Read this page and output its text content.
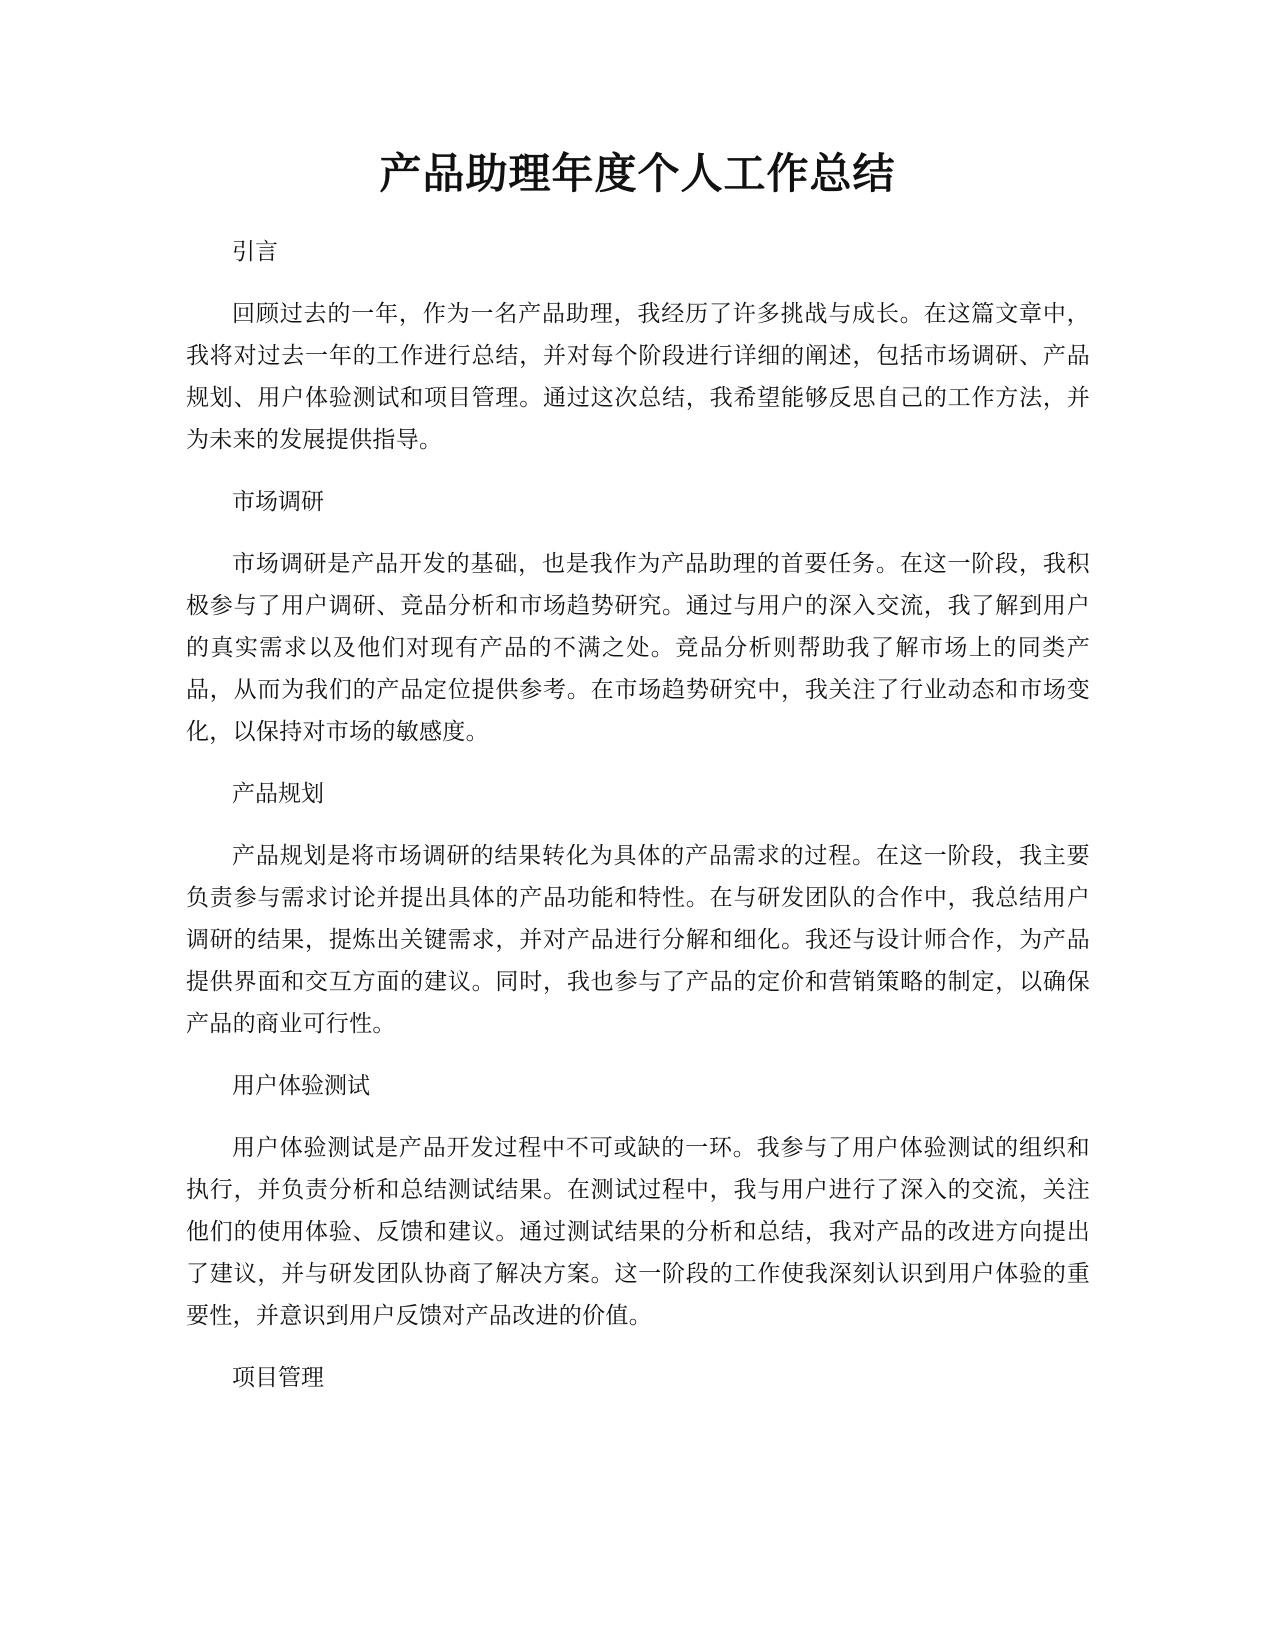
产品助理年度个人工作总结

引言

回顾过去的一年，作为一名产品助理，我经历了许多挑战与成长。在这篇文章中，我将对过去一年的工作进行总结，并对每个阶段进行详细的阐述，包括市场调研、产品规划、用户体验测试和项目管理。通过这次总结，我希望能够反思自己的工作方法，并为未来的发展提供指导。

市场调研

市场调研是产品开发的基础，也是我作为产品助理的首要任务。在这一阶段，我积极参与了用户调研、竞品分析和市场趋势研究。通过与用户的深入交流，我了解到用户的真实需求以及他们对现有产品的不满之处。竞品分析则帮助我了解市场上的同类产品，从而为我们的产品定位提供参考。在市场趋势研究中，我关注了行业动态和市场变化，以保持对市场的敏感度。

产品规划

产品规划是将市场调研的结果转化为具体的产品需求的过程。在这一阶段，我主要负责参与需求讨论并提出具体的产品功能和特性。在与研发团队的合作中，我总结用户调研的结果，提炼出关键需求，并对产品进行分解和细化。我还与设计师合作，为产品提供界面和交互方面的建议。同时，我也参与了产品的定价和营销策略的制定，以确保产品的商业可行性。

用户体验测试

用户体验测试是产品开发过程中不可或缺的一环。我参与了用户体验测试的组织和执行，并负责分析和总结测试结果。在测试过程中，我与用户进行了深入的交流，关注他们的使用体验、反馈和建议。通过测试结果的分析和总结，我对产品的改进方向提出了建议，并与研发团队协商了解决方案。这一阶段的工作使我深刻认识到用户体验的重要性，并意识到用户反馈对产品改进的价值。

项目管理
